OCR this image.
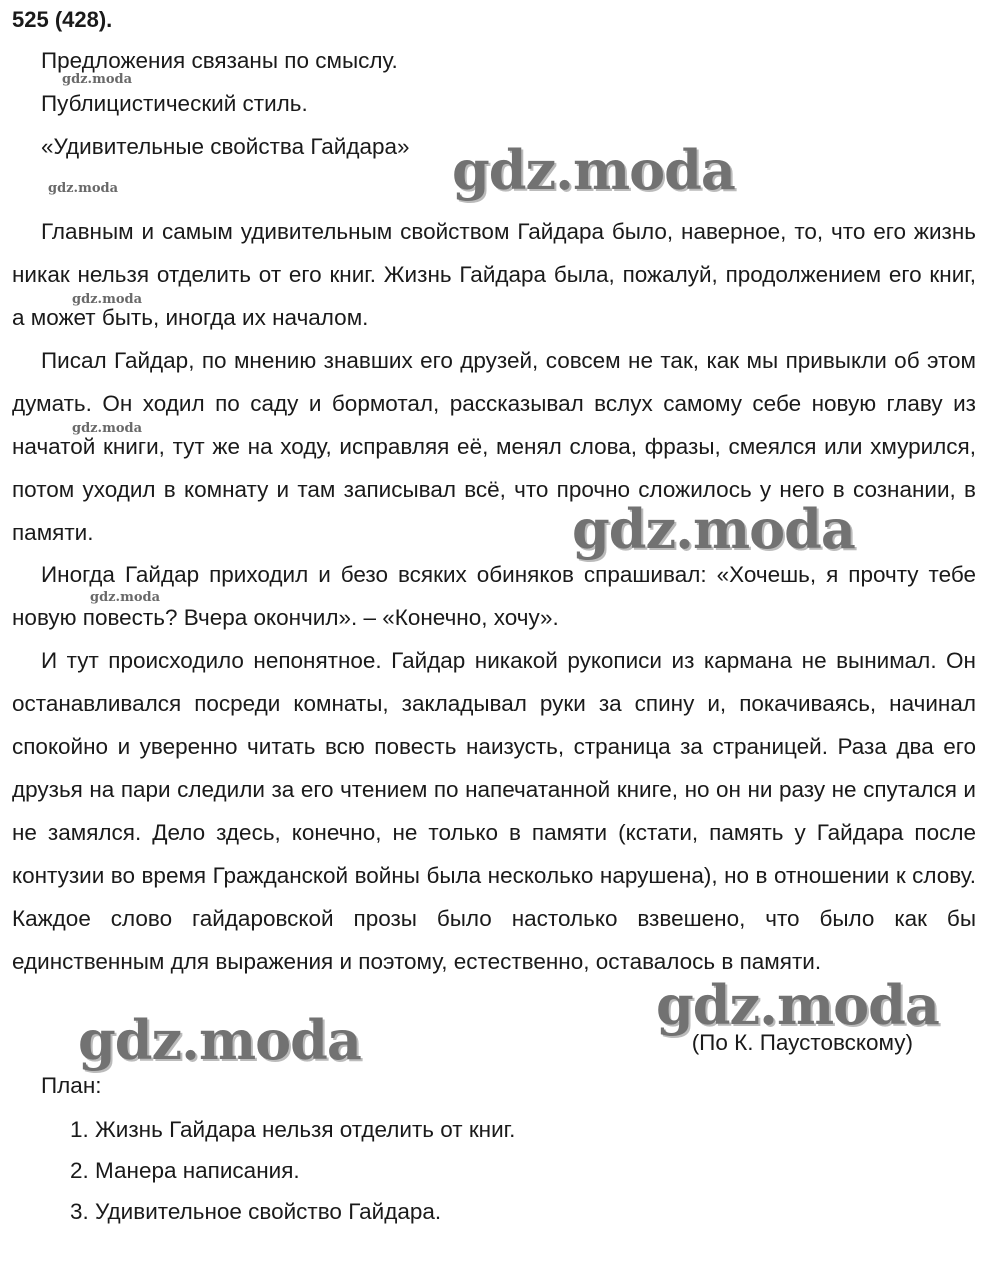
525 (428).
Предложения связаны по смыслу.
Публицистический стиль.
«Удивительные свойства Гайдара»
Главным и самым удивительным свойством Гайдара было, наверное, то, что его жизнь никак нельзя отделить от его книг. Жизнь Гайдара была, пожалуй, продолжением его книг, а может быть, иногда их началом.
Писал Гайдар, по мнению знавших его друзей, совсем не так, как мы привыкли об этом думать. Он ходил по саду и бормотал, рассказывал вслух самому себе новую главу из начатой книги, тут же на ходу, исправляя её, менял слова, фразы, смеялся или хмурился, потом уходил в комнату и там записывал всё, что прочно сложилось у него в сознании, в памяти.
Иногда Гайдар приходил и безо всяких обиняков спрашивал: «Хочешь, я прочту тебе новую повесть? Вчера окончил». – «Конечно, хочу».
И тут происходило непонятное. Гайдар никакой рукописи из кармана не вынимал. Он останавливался посреди комнаты, закладывал руки за спину и, покачиваясь, начинал спокойно и уверенно читать всю повесть наизусть, страница за страницей. Раза два его друзья на пари следили за его чтением по напечатанной книге, но он ни разу не спутался и не замялся. Дело здесь, конечно, не только в памяти (кстати, память у Гайдара после контузии во время Гражданской войны была несколько нарушена), но в отношении к слову. Каждое слово гайдаровской прозы было настолько взвешено, что было как бы единственным для выражения и поэтому, естественно, оставалось в памяти.
(По К. Паустовскому)
План:
1. Жизнь Гайдара нельзя отделить от книг.
2. Манера написания.
3. Удивительное свойство Гайдара.
gdz.moda
gdz.moda
gdz.moda
gdz.moda
gdz.moda
gdz.moda
gdz.moda
gdz.moda
gdz.moda
